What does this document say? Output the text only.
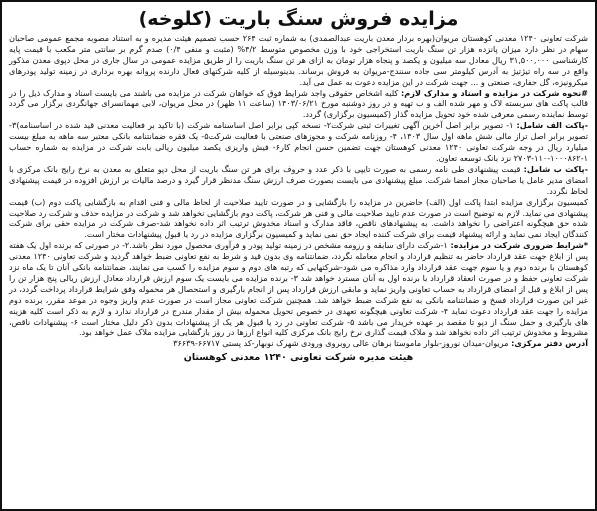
مزایده فروش سنگ باریت (کلوخه)

شرکت تعاونی ۱۲۴۰ معدنی کوهستان مریوان(بهره بردار معدن باریت عبدالصمدی) به شماره ثبت ۲۶۴ حسب تصمیم هیئت مدیره و به استناد مصوبه مجمع عمومی صاحبان سهام در نظر دارد میزان پانزده هزار تن سنگ باریت استخراجی خود با وزن مخصوص متوسط ۴/۲% (مثبت و منفی ۰/۴) صدم گرم بر سانتی متر مکعب با قیمت پایه کارشناسی ۳۱,۵۰۰,۰۰۰ ریال معادل سه میلیون و یکصد و پنجاه هزار تومان به ازای هر تن سنگ باریت را از طریق مزایده عمومی در سال جاری در محل دپوی معدن مذکور واقع در سه راه تیژتیژ به آدرس کیلومتر سی جاده سنندج-مریوان به فروش برساند. بدینوسیله از کلیه شرکتهای فعال دارنده پروانه بهره برداری در زمینه تولید پودرهای میکرونیزه، گل حفاری، صنعتی و ... جهت شرکت در این مزایده دعوت به عمل می آید.

#نحوه شرکت در مزایده و اسناد و مدارک لازم: کلیه اشخاص حقوقی واجد شرایط فوق که خواهان شرکت در مزایده می باشند می بایست اسناد و مدارک ذیل را در قالب پاکت های سربسته لاک و مهر شده الف و ب تهیه و در روز دوشنبه مورخ ۱۴۰۳/۰۶/۲۱ (ساعت ۱۱ ظهر) در محل مریوان، لابی مهمانسرای جهانگردی برگزار می گردد توسط نماینده رسمی معرفی شده خود تحویل مزایده گذار (کمیسیون برگزاری) گردد.

-پاکت الف شامل: ۱- تصویر برابر اصل آخرین آگهی تغییرات ثبتی شرکت۲- نسخه کپی برابر اصل اساسنامه شرکت (با تاکید بر فعالیت معدنی قید شده در اساسنامه)۳- تصویر برابر اصل تراز مالی شش ماهه اول سال ۱۴۰۳، ۴- روزنامه شرکت و مجوزهای صنعتی با فعالیت شرکت۵- یک فقره ضمانتنامه بانکی معتبر سه ماهه به مبلغ بیست میلیارد ریال در وجه شرکت تعاونی ۱۲۴۰ معدنی کوهستان جهت تضمین حسن انجام کار۶- فیش واریزی یکصد میلیون ریالی بابت شرکت در مزایده به شماره حساب ۱-۱۰۰۰۸۶۲-۱۱۰-۲۷۰۳ نزد بانک توسعه تعاون.

-پاکت ب شامل: قیمت پیشنهادی طی نامه رسمی به صورت تایپی با ذکر عدد و حروف برای هر تن سنگ باریت از محل دپو متعلق به معدن به نرخ رایج بانک مرکزی با امضای مدیر عامل یا صاحبان مجاز امضا شرکت. مبلغ پیشنهادی می بایست بصورت صرف ارزش سنگ مدنظر قرار گیرد و درصد مالیات بر ارزش افزوده در قیمت پیشنهادی لحاظ نگردد.

کمیسیون برگزاری مزایده ابتدا پاکت اول (الف) حاضرین در مزایده را بازگشایی و در صورت تایید صلاحیت از لحاظ مالی و فنی اقدام به بازگشایی پاکت دوم (ب) قیمت پیشنهادی می نماید. لازم به توضیح است در صورت عدم تایید صلاحیت مالی و فنی هر شرکت، پاکت دوم بازگشایی نخواهد شد و شرکت در مزایده حذف و شرکت رد صلاحیت شده حق هیچگونه اعتراضی را نخواهد داشت. به پیشنهادهای ناقص، فاقد مدارک و اسناد مخدوش ترتیب اثر داده نخواهد شد-صرف شرکت در مزایده حقی برای شرکت کنندگان ایجاد نمی نماید و ارائه پیشنهاد قیمت برای شرکت کننده ایجاد حق نمی نماید و کمیسیون برگزاری مزایده در رد یا قبول پیشنهادات مختار است.

*شرایط ضروری شرکت در مزایده: ۱-شرکت دارای سابقه و رزومه مشخص در زمینه تولید پودر و فرآوری محصول مورد نظر باشد.۲- در صورتی که برنده اول یک هفته پس از ابلاغ جهت عقد قرارداد حاضر به تنظیم قرارداد و انجام معامله نگردد، ضمانتنامه وی بدون قید و شرط به نفع تعاونی ضبط خواهد گردید و شرکت تعاونی ۱۲۴۰ معدنی کوهستان با برنده دوم و یا سوم جهت عقد قرارداد وارد مذاکره می شود-شرکتهایی که رتبه های دوم و سوم مزایده را کسب می نمایند، ضمانتنامه بانکی آنان تا یک ماه نزد شرکت تعاونی حفظ و در صورت انعقاد قرارداد با برنده اول به آنان مسترد خواهد شد ۳- برنده مزایده می بایست یک سوم ارزش قرارداد معادل ارزش ریالی پنج هزار تن را پس از ابلاغ و قبل از امضای قرارداد به حساب تعاونی واریز نماید و مابقی ارزش قرارداد پس از انجام بارگیری و استحصال هر محموله وفق شرایط قرارداد پرداخت گردد، در غیر این صورت قرارداد فسخ و ضمانتنامه بانکی به نفع شرکت ضبط خواهد شد. همچنین شرکت تعاونی مجاز است در صورت عدم واریز وجوه در موعد مقرر، برنده دوم مزایده را جهت عقد قرارداد دعوت نماید ۴- شرکت تعاونی هیچگونه تعهدی در خصوص تحویل محموله بیش از مقدار مندرج در قرارداد ندارد و لازم به ذکر است کلیه هزینه های بارگیری و حمل سنگ از دپو تا مقصد بر عهده خریدار می باشد ۵- شرکت تعاونی در رد یا قبول هر یک از پیشنهادات بدون ذکر دلیل مختار است ۶- پیشنهادات ناقص، مشروط و مخدوش ترتیب اثر داده نخواهد شد و ملاک قیمت گذاری نرخ رایج بانک مرکزی کلیه انواع ارزها در روز بازگشایی مزایده ملاک عمل خواهد بود.

آدرس دفتر مرکزی: مریوان-میدان نوروز-بلوار ماموستا برهان عالی روبروی ورودی شهرک نوبهار-کد پستی ۶۶۷۱۷-۳۶۶۳۹

هیئت مدیره شرکت تعاونی ۱۲۴۰ معدنی کوهستان
